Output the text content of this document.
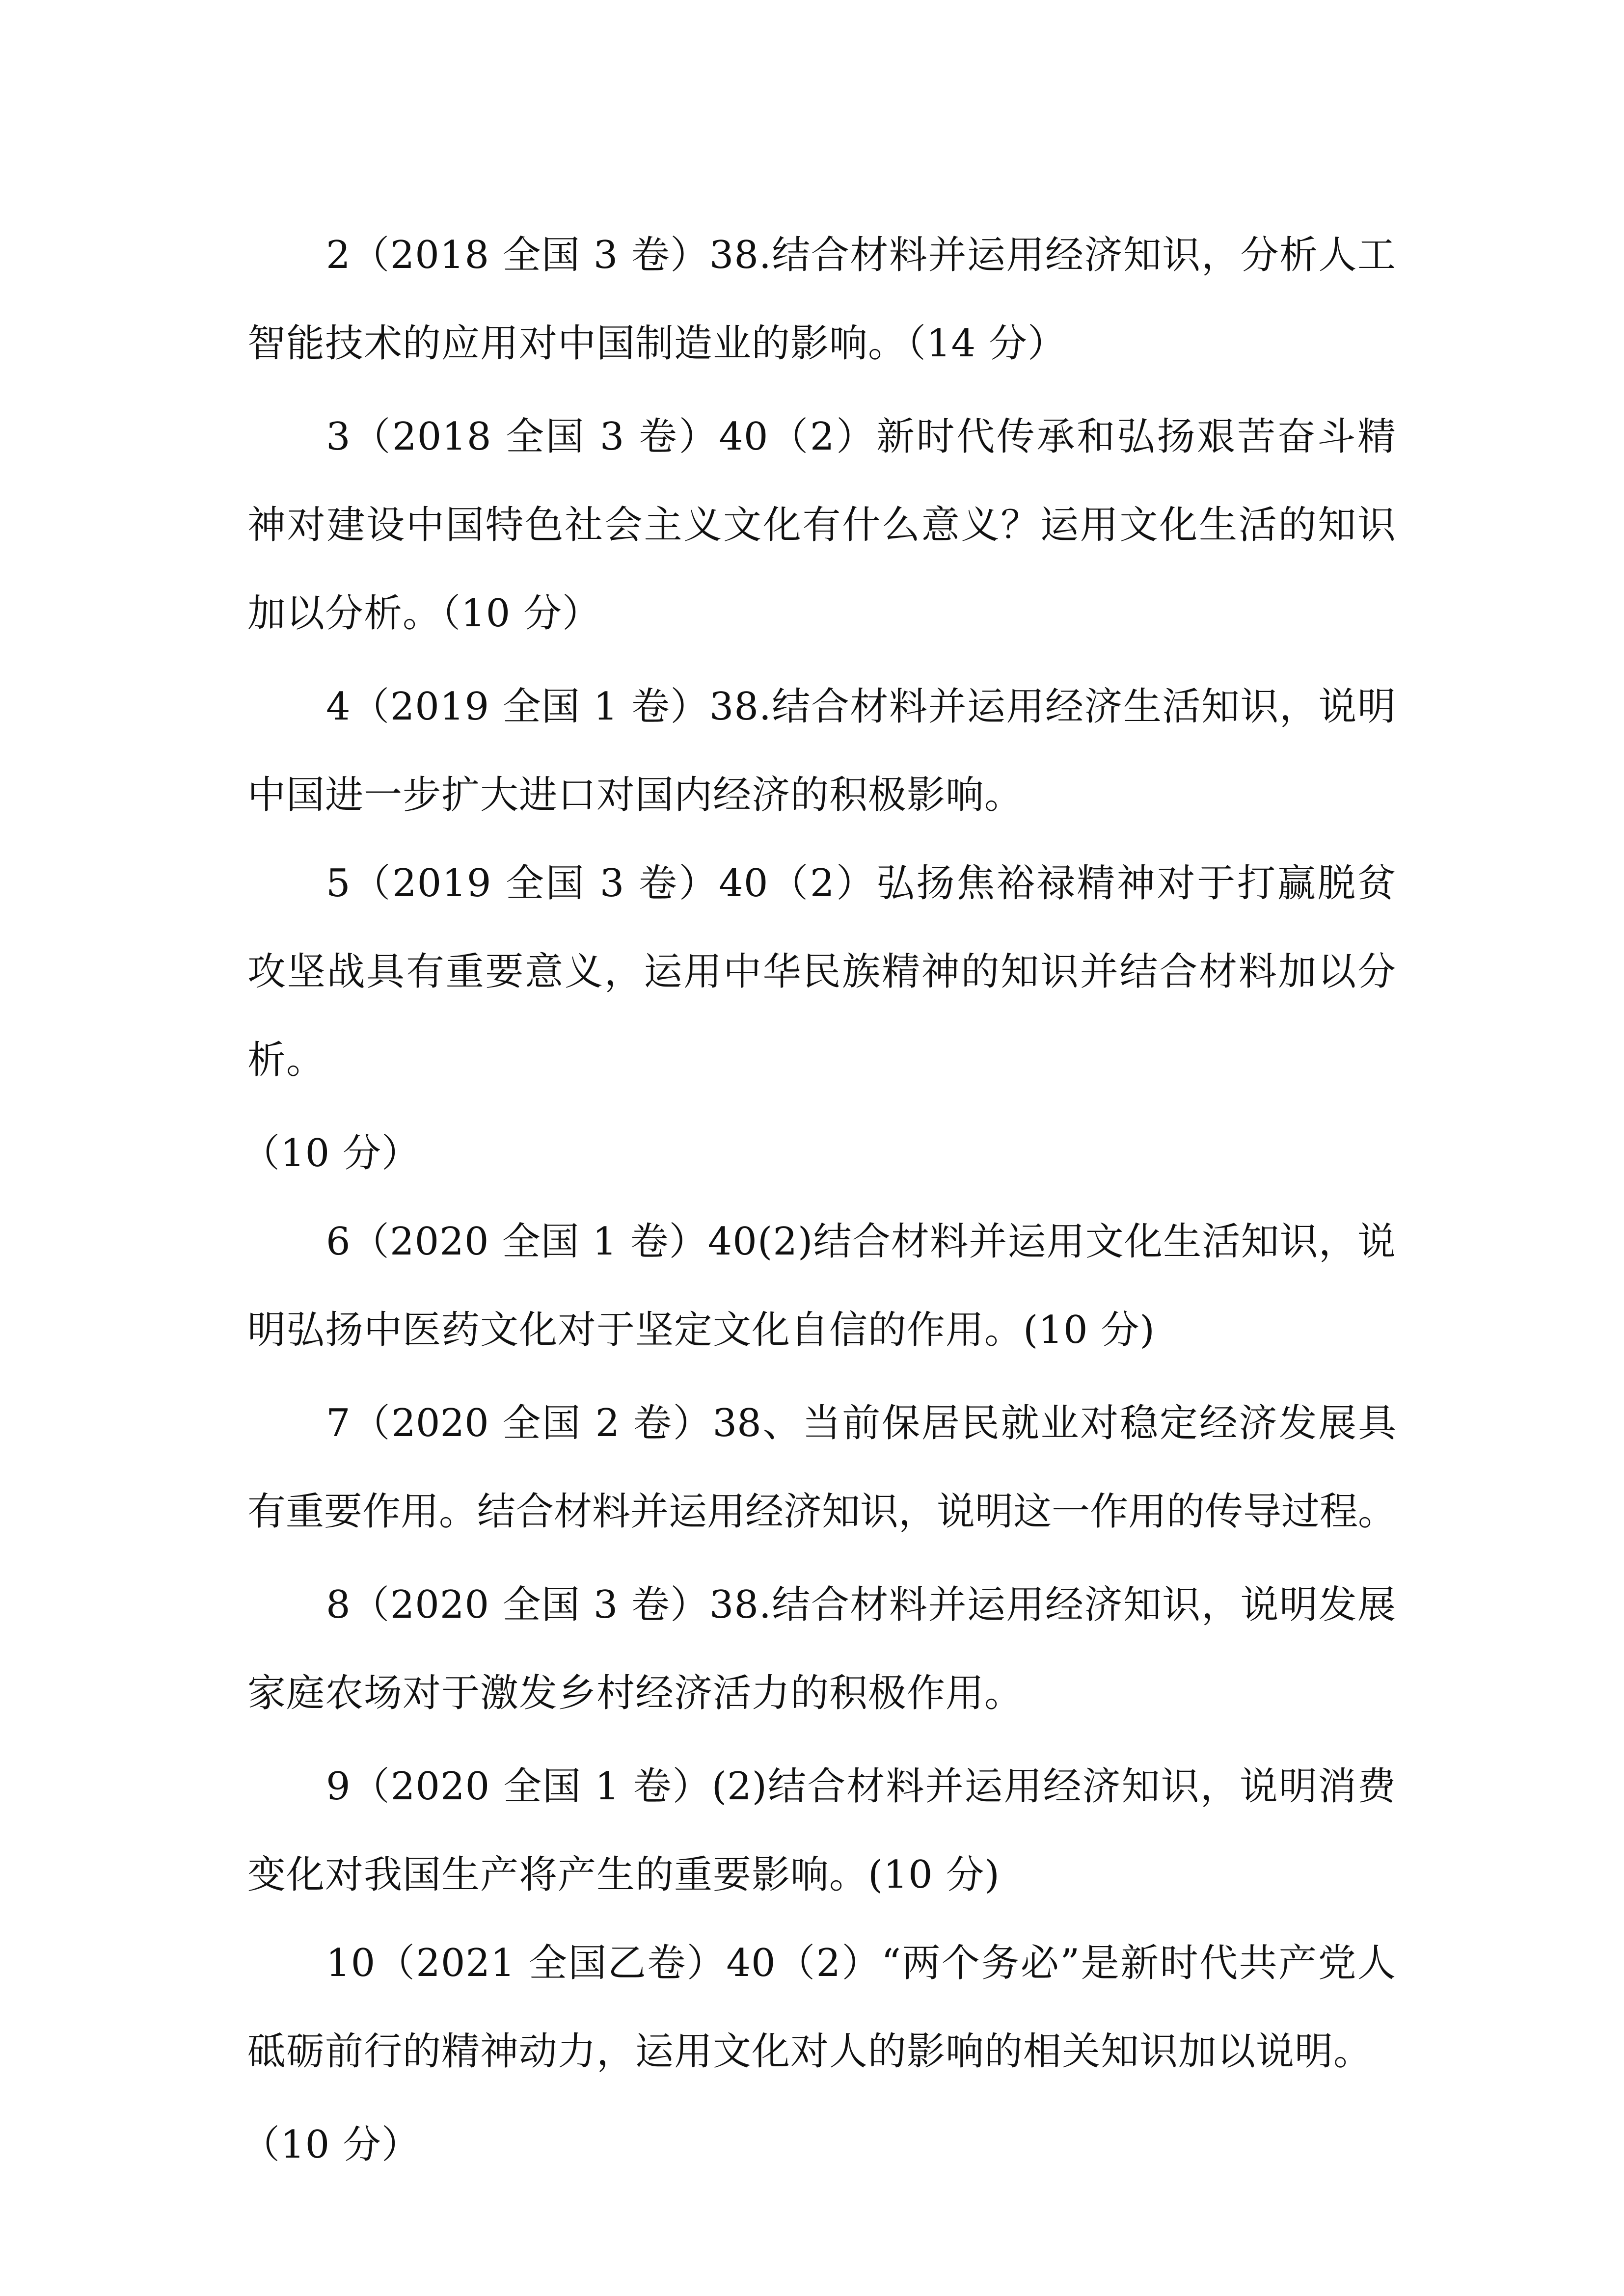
2（2018 全国 3 卷）38.结合材料并运用经济知识，分析人工智能技术的应用对中国制造业的影响。（14 分）

3（2018 全国 3 卷）40（2）新时代传承和弘扬艰苦奋斗精神对建设中国特色社会主义文化有什么意义？运用文化生活的知识加以分析。（10 分）

4（2019 全国 1 卷）38.结合材料并运用经济生活知识，说明中国进一步扩大进口对国内经济的积极影响。

5（2019 全国 3 卷）40（2）弘扬焦裕禄精神对于打赢脱贫攻坚战具有重要意义，运用中华民族精神的知识并结合材料加以分析。

（10 分）

6（2020 全国 1 卷）40(2)结合材料并运用文化生活知识，说明弘扬中医药文化对于坚定文化自信的作用。(10 分)

7（2020 全国 2 卷）38、当前保居民就业对稳定经济发展具有重要作用。结合材料并运用经济知识，说明这一作用的传导过程。

8（2020 全国 3 卷）38.结合材料并运用经济知识，说明发展家庭农场对于激发乡村经济活力的积极作用。

9（2020 全国 1 卷）(2)结合材料并运用经济知识，说明消费变化对我国生产将产生的重要影响。(10 分)

10（2021 全国乙卷）40（2）“两个务必”是新时代共产党人砥砺前行的精神动力，运用文化对人的影响的相关知识加以说明。

（10 分）
